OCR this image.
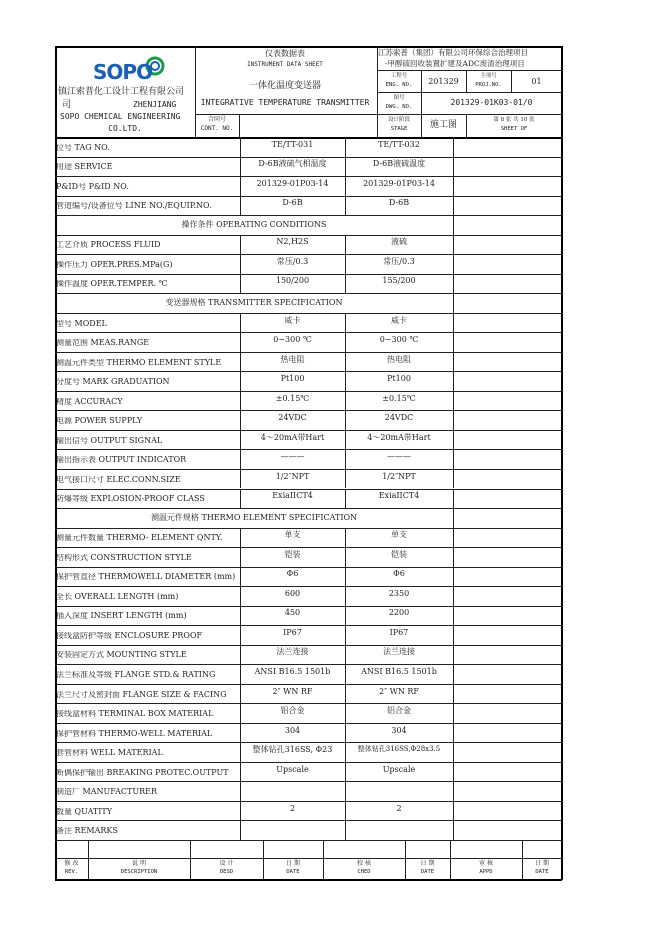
SOPO
镇江索普化工设计工程有限公司
司	ZHENJIANG
SOPO CHEMICAL ENGINEERING
CO.LTD.
仪表数据表
INSTRUMENT DATA SHEET
一体化温度变送器
INTEGRATIVE TEMPERATURE TRANSMITTER
合同号
CONT. NO.
江苏索普（集团）有限公司环保综合治理项目
-甲醇硫回收装置扩建及ADC废渣治理项目
工程号
ENG. NO.	201329
主项号
PROJ.NO.	01
图号
DWG. NO.	201329-01K03-01/0
设计阶段
STAGE	施工图	第 8 张 共 10 张
SHEET OF
位号 TAG NO.	TE/TT-031	TE/TT-032
用途 SERVICE	D-6B液硫气相温度	D-6B液硫温度
P&ID号 P&ID NO.	201329-01P03-14	201329-01P03-14
管道编号/设备位号 LINE NO./EQUIP.NO.	D-6B	D-6B
操作条件 OPERATING CONDITIONS
工艺介质 PROCESS FLUID	N2,H2S	液硫
操作压力 OPER.PRES.MPa(G)	常压/0.3	常压/0.3
操作温度 OPER.TEMPER. ℃	150/200	155/200
变送器规格 TRANSMITTER SPECIFICATION
型号 MODEL	威卡	威卡
测量范围 MEAS.RANGE	0~300 ℃	0~300 ℃
测温元件类型 THERMO ELEMENT STYLE	热电阻	热电阻
分度号 MARK GRADUATION	Pt100	Pt100
精度 ACCURACY	±0.15℃	±0.15℃
电源 POWER SUPPLY	24VDC	24VDC
输出信号 OUTPUT SIGNAL	4～20mA带Hart	4～20mA带Hart
输出指示表 OUTPUT INDICATOR	———	———
电气接口尺寸 ELEC.CONN.SIZE	1/2″NPT	1/2″NPT
防爆等级 EXPLOSION-PROOF CLASS	ExiaIICT4	ExiaIICT4
测温元件规格 THERMO ELEMENT SPECIFICATION
测量元件数量 THERMO- ELEMENT QNTY.	单支	单支
结构形式 CONSTRUCTION STYLE	铠装	铠装
保护管直径 THERMOWELL DIAMETER (mm)	Φ6	Φ6
全长 OVERALL LENGTH (mm)	600	2350
插入深度 INSERT LENGTH (mm)	450	2200
接线盒防护等级 ENCLOSURE PROOF	IP67	IP67
安装固定方式 MOUNTING STYLE	法兰连接	法兰连接
法兰标准及等级 FLANGE STD.& RATING	ANSI B16.5 1501b	ANSI B16.5 1501b
法兰尺寸及密封面 FLANGE SIZE & FACING	2″ WN RF	2″ WN RF
接线盒材料 TERMINAL BOX MATERIAL	铝合金	铝合金
保护管材料 THERMO-WELL MATERIAL	304	304
套管材料 WELL MATERIAL	整体钻孔316SS, Φ23	整体钻孔316SS,Φ28x3.5
断偶保护输出 BREAKING PROTEC.OUTPUT	Upscale	Upscale
制造厂 MANUFACTURER
数量 QUATITY	2	2
备注 REMARKS
修 改
REV.
说 明
DESCRIPTION
设 计
DESD
日 期
DATE
校 核
CHED
日 期
DATE
审 核
APPD
日 期
DATE
